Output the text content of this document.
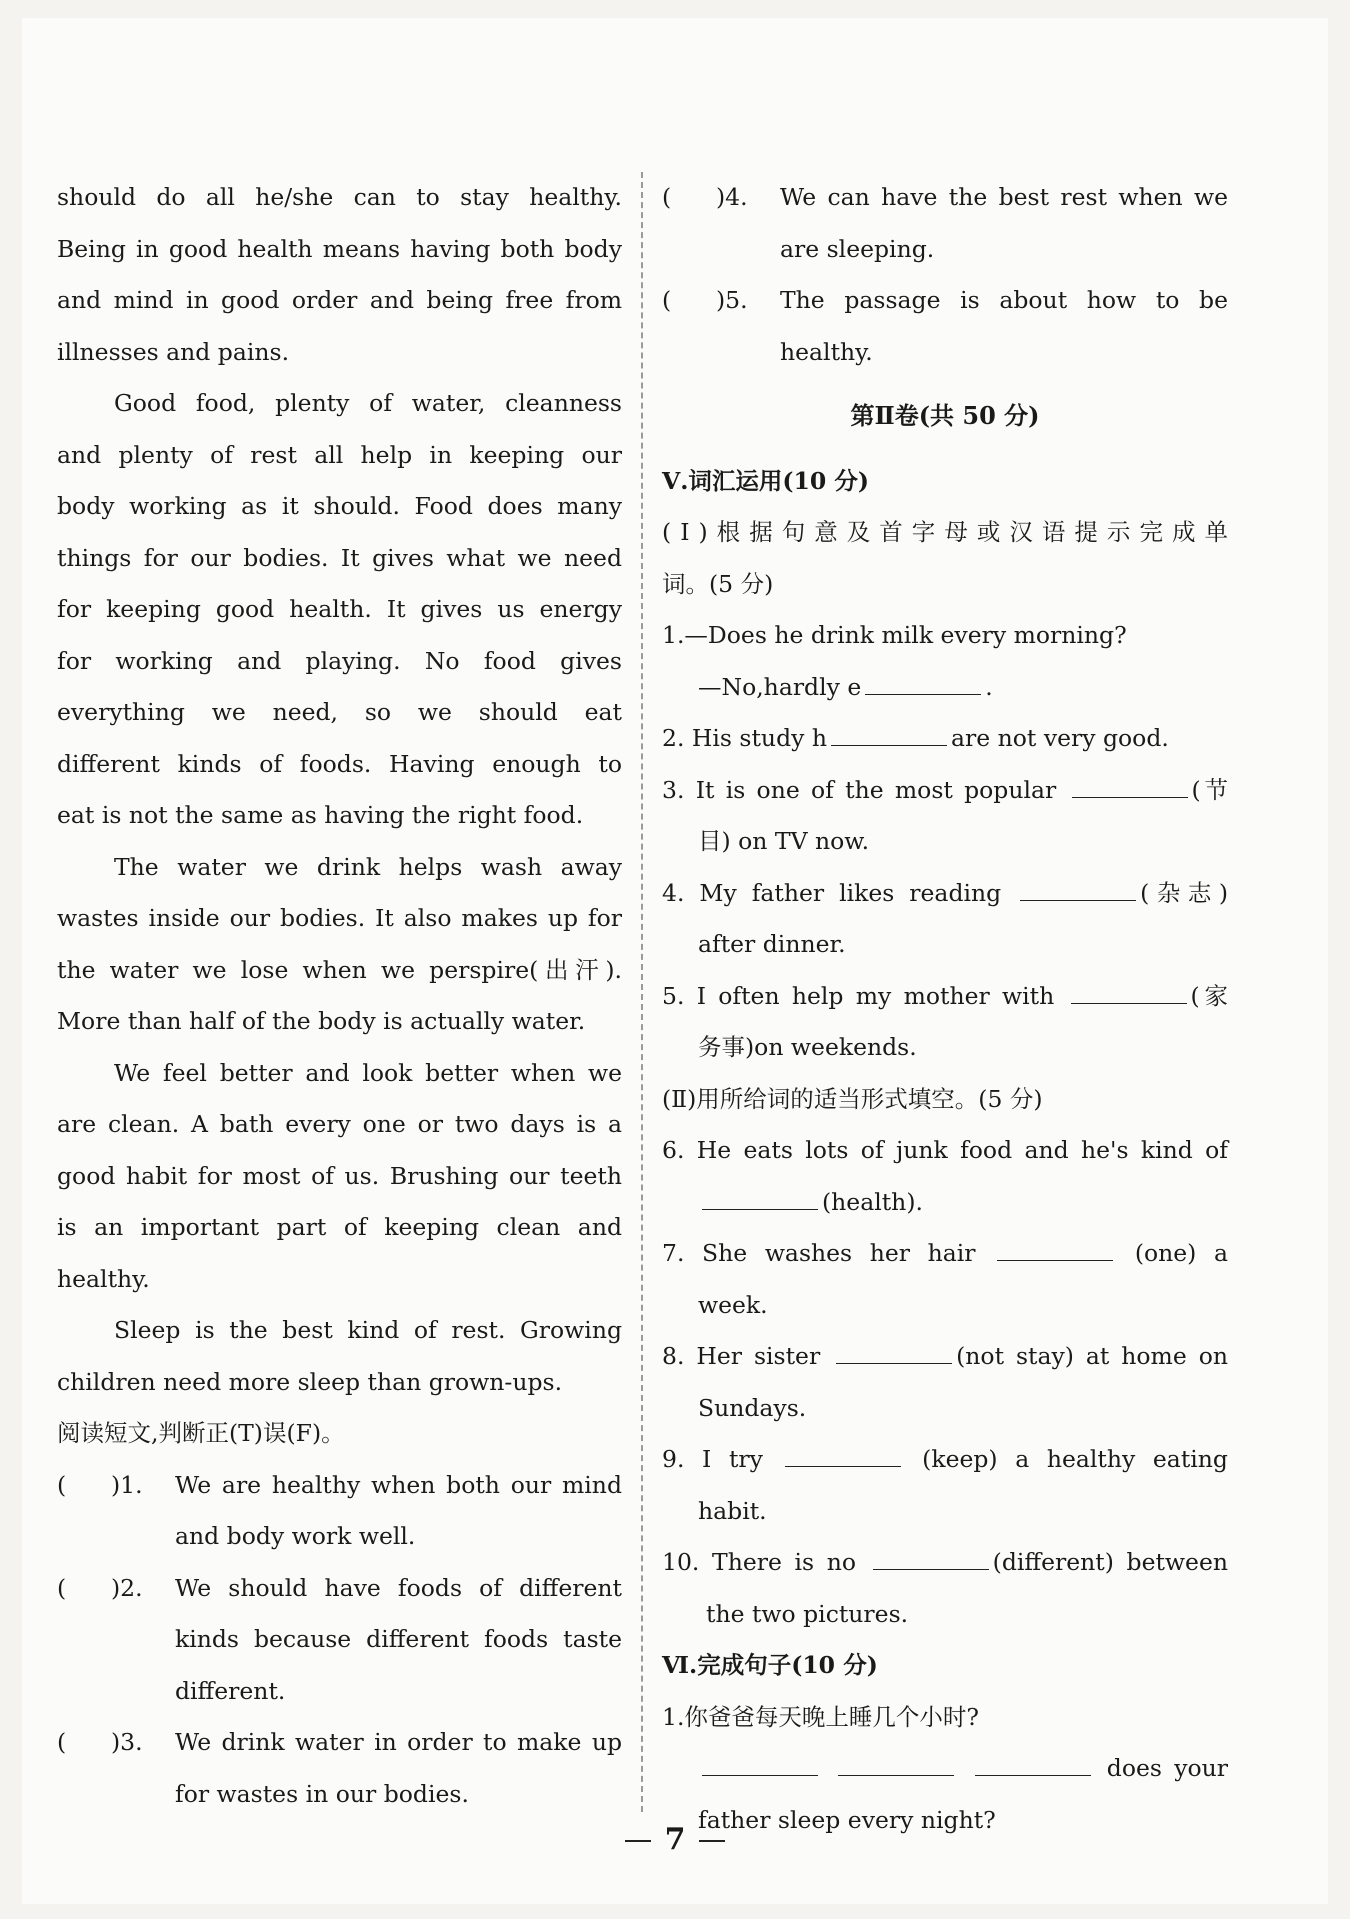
should do all he/she can to stay healthy.

Being in good health means having both body

and mind in good order and being free from

illnesses and pains.

Good food, plenty of water, cleanness

and plenty of rest all help in keeping our

body working as it should. Food does many

things for our bodies. It gives what we need

for keeping good health. It gives us energy

for working and playing. No food gives

everything we need, so we should eat

different kinds of foods. Having enough to

eat is not the same as having the right food.

The water we drink helps wash away

wastes inside our bodies. It also makes up for

the water we lose when we perspire(出汗).

More than half of the body is actually water.

We feel better and look better when we

are clean. A bath every one or two days is a

good habit for most of us. Brushing our teeth

is an important part of keeping clean and

healthy.

Sleep is the best kind of rest. Growing

children need more sleep than grown-ups.

阅读短文,判断正(T)误(F)。
(      )1.	We are healthy when both our mind
and body work well.
(      )2.	We should have foods of different
kinds because different foods taste
different.
(      )3.	We drink water in order to make up
for wastes in our bodies.
(      )4.	We can have the best rest when we
are sleeping.
(      )5.	The passage is about how to be
healthy.
第Ⅱ卷(共 50 分)
Ⅴ.词汇运用(10 分)
(Ⅰ)根据句意及首字母或汉语提示完成单
词。(5 分)
1.—Does he drink milk every morning?
—No,hardly e	.
2. His study h	are not very good.
3. It is one of the most popular	(节
目) on TV now.
4. My father likes reading	(杂志)
after dinner.
5. I often help my mother with	(家
务事)on weekends.
(Ⅱ)用所给词的适当形式填空。(5 分)
6. He eats lots of junk food and he's kind of
(health).
7. She washes her hair	(one) a
week.
8. Her sister	(not stay) at home on
Sundays.
9. I try	(keep) a healthy eating
habit.
10. There is no	(different) between
the two pictures.
Ⅵ.完成句子(10 分)
1.你爸爸每天晚上睡几个小时?
does your
father sleep every night?
7
